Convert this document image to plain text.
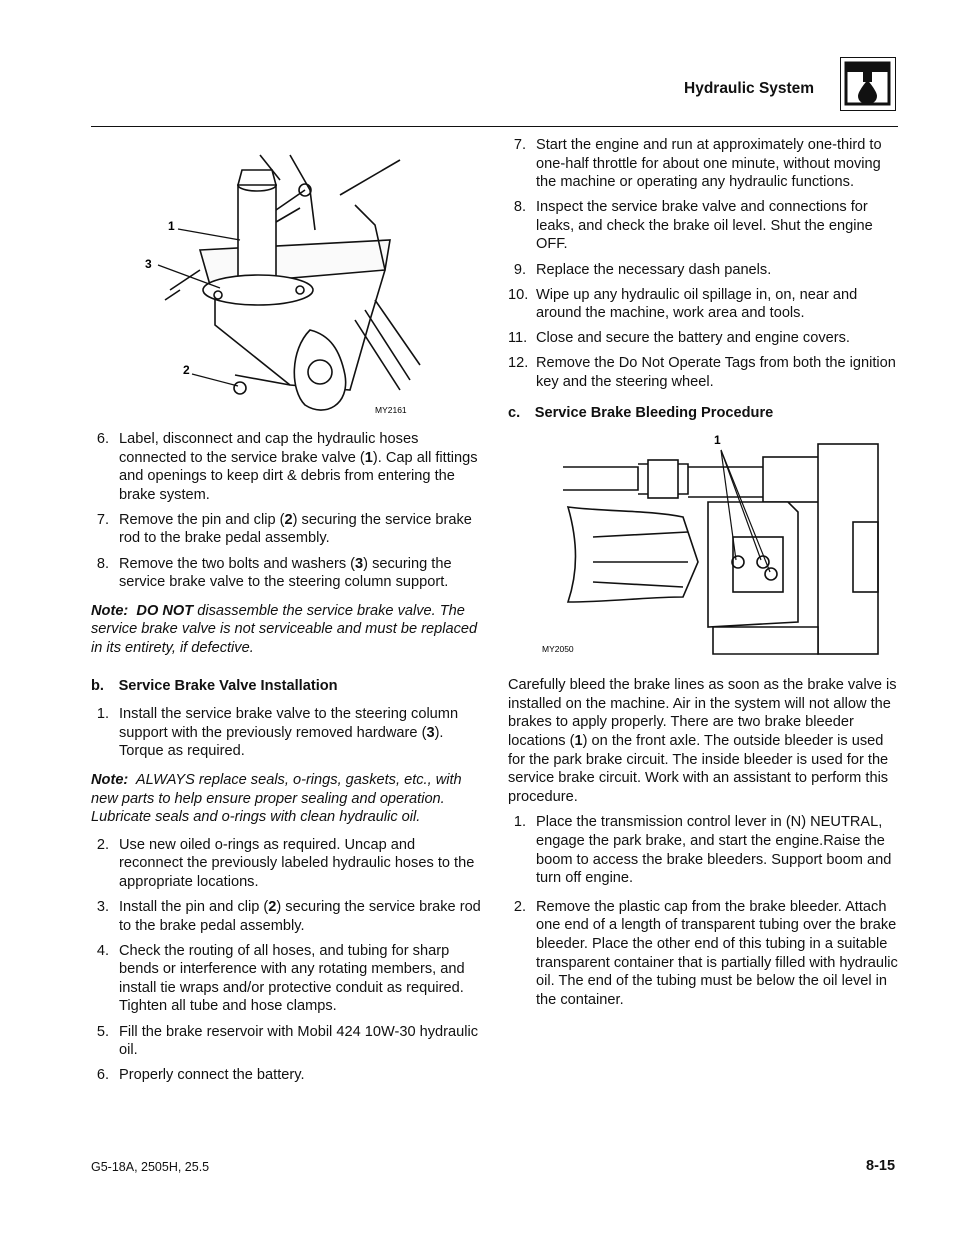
Hydraulic System
1
3
2
MY2161
6. Label, disconnect and cap the hydraulic hoses connected to the service brake valve (1). Cap all fittings and openings to keep dirt & debris from entering the brake system.
7. Remove the pin and clip (2) securing the service brake rod to the brake pedal assembly.
8. Remove the two bolts and washers (3) securing the service brake valve to the steering column support.

Note: DO NOT disassemble the service brake valve. The service brake valve is not serviceable and must be replaced in its entirety, if defective.

b. Service Brake Valve Installation
1. Install the service brake valve to the steering column support with the previously removed hardware (3). Torque as required.

Note: ALWAYS replace seals, o-rings, gaskets, etc., with new parts to help ensure proper sealing and operation. Lubricate seals and o-rings with clean hydraulic oil.

2. Use new oiled o-rings as required. Uncap and reconnect the previously labeled hydraulic hoses to the appropriate locations.
3. Install the pin and clip (2) securing the service brake rod to the brake pedal assembly.
4. Check the routing of all hoses, and tubing for sharp bends or interference with any rotating members, and install tie wraps and/or protective conduit as required. Tighten all tube and hose clamps.
5. Fill the brake reservoir with Mobil 424 10W-30 hydraulic oil.
6. Properly connect the battery.
7. Start the engine and run at approximately one-third to one-half throttle for about one minute, without moving the machine or operating any hydraulic functions.
8. Inspect the service brake valve and connections for leaks, and check the brake oil level. Shut the engine OFF.
9. Replace the necessary dash panels.
10. Wipe up any hydraulic oil spillage in, on, near and around the machine, work area and tools.
11. Close and secure the battery and engine covers.
12. Remove the Do Not Operate Tags from both the ignition key and the steering wheel.
c. Service Brake Bleeding Procedure
1
MY2050

Carefully bleed the brake lines as soon as the brake valve is installed on the machine. Air in the system will not allow the brakes to apply properly. There are two brake bleeder locations (1) on the front axle. The outside bleeder is used for the park brake circuit. The inside bleeder is used for the service brake circuit. Work with an assistant to perform this procedure.

1. Place the transmission control lever in (N) NEUTRAL, engage the park brake, and start the engine.Raise the boom to access the brake bleeders. Support boom and turn off engine.
2. Remove the plastic cap from the brake bleeder. Attach one end of a length of transparent tubing over the brake bleeder. Place the other end of this tubing in a suitable transparent container that is partially filled with hydraulic oil. The end of the tubing must be below the oil level in the container.
G5-18A, 2505H, 25.5	8-15
